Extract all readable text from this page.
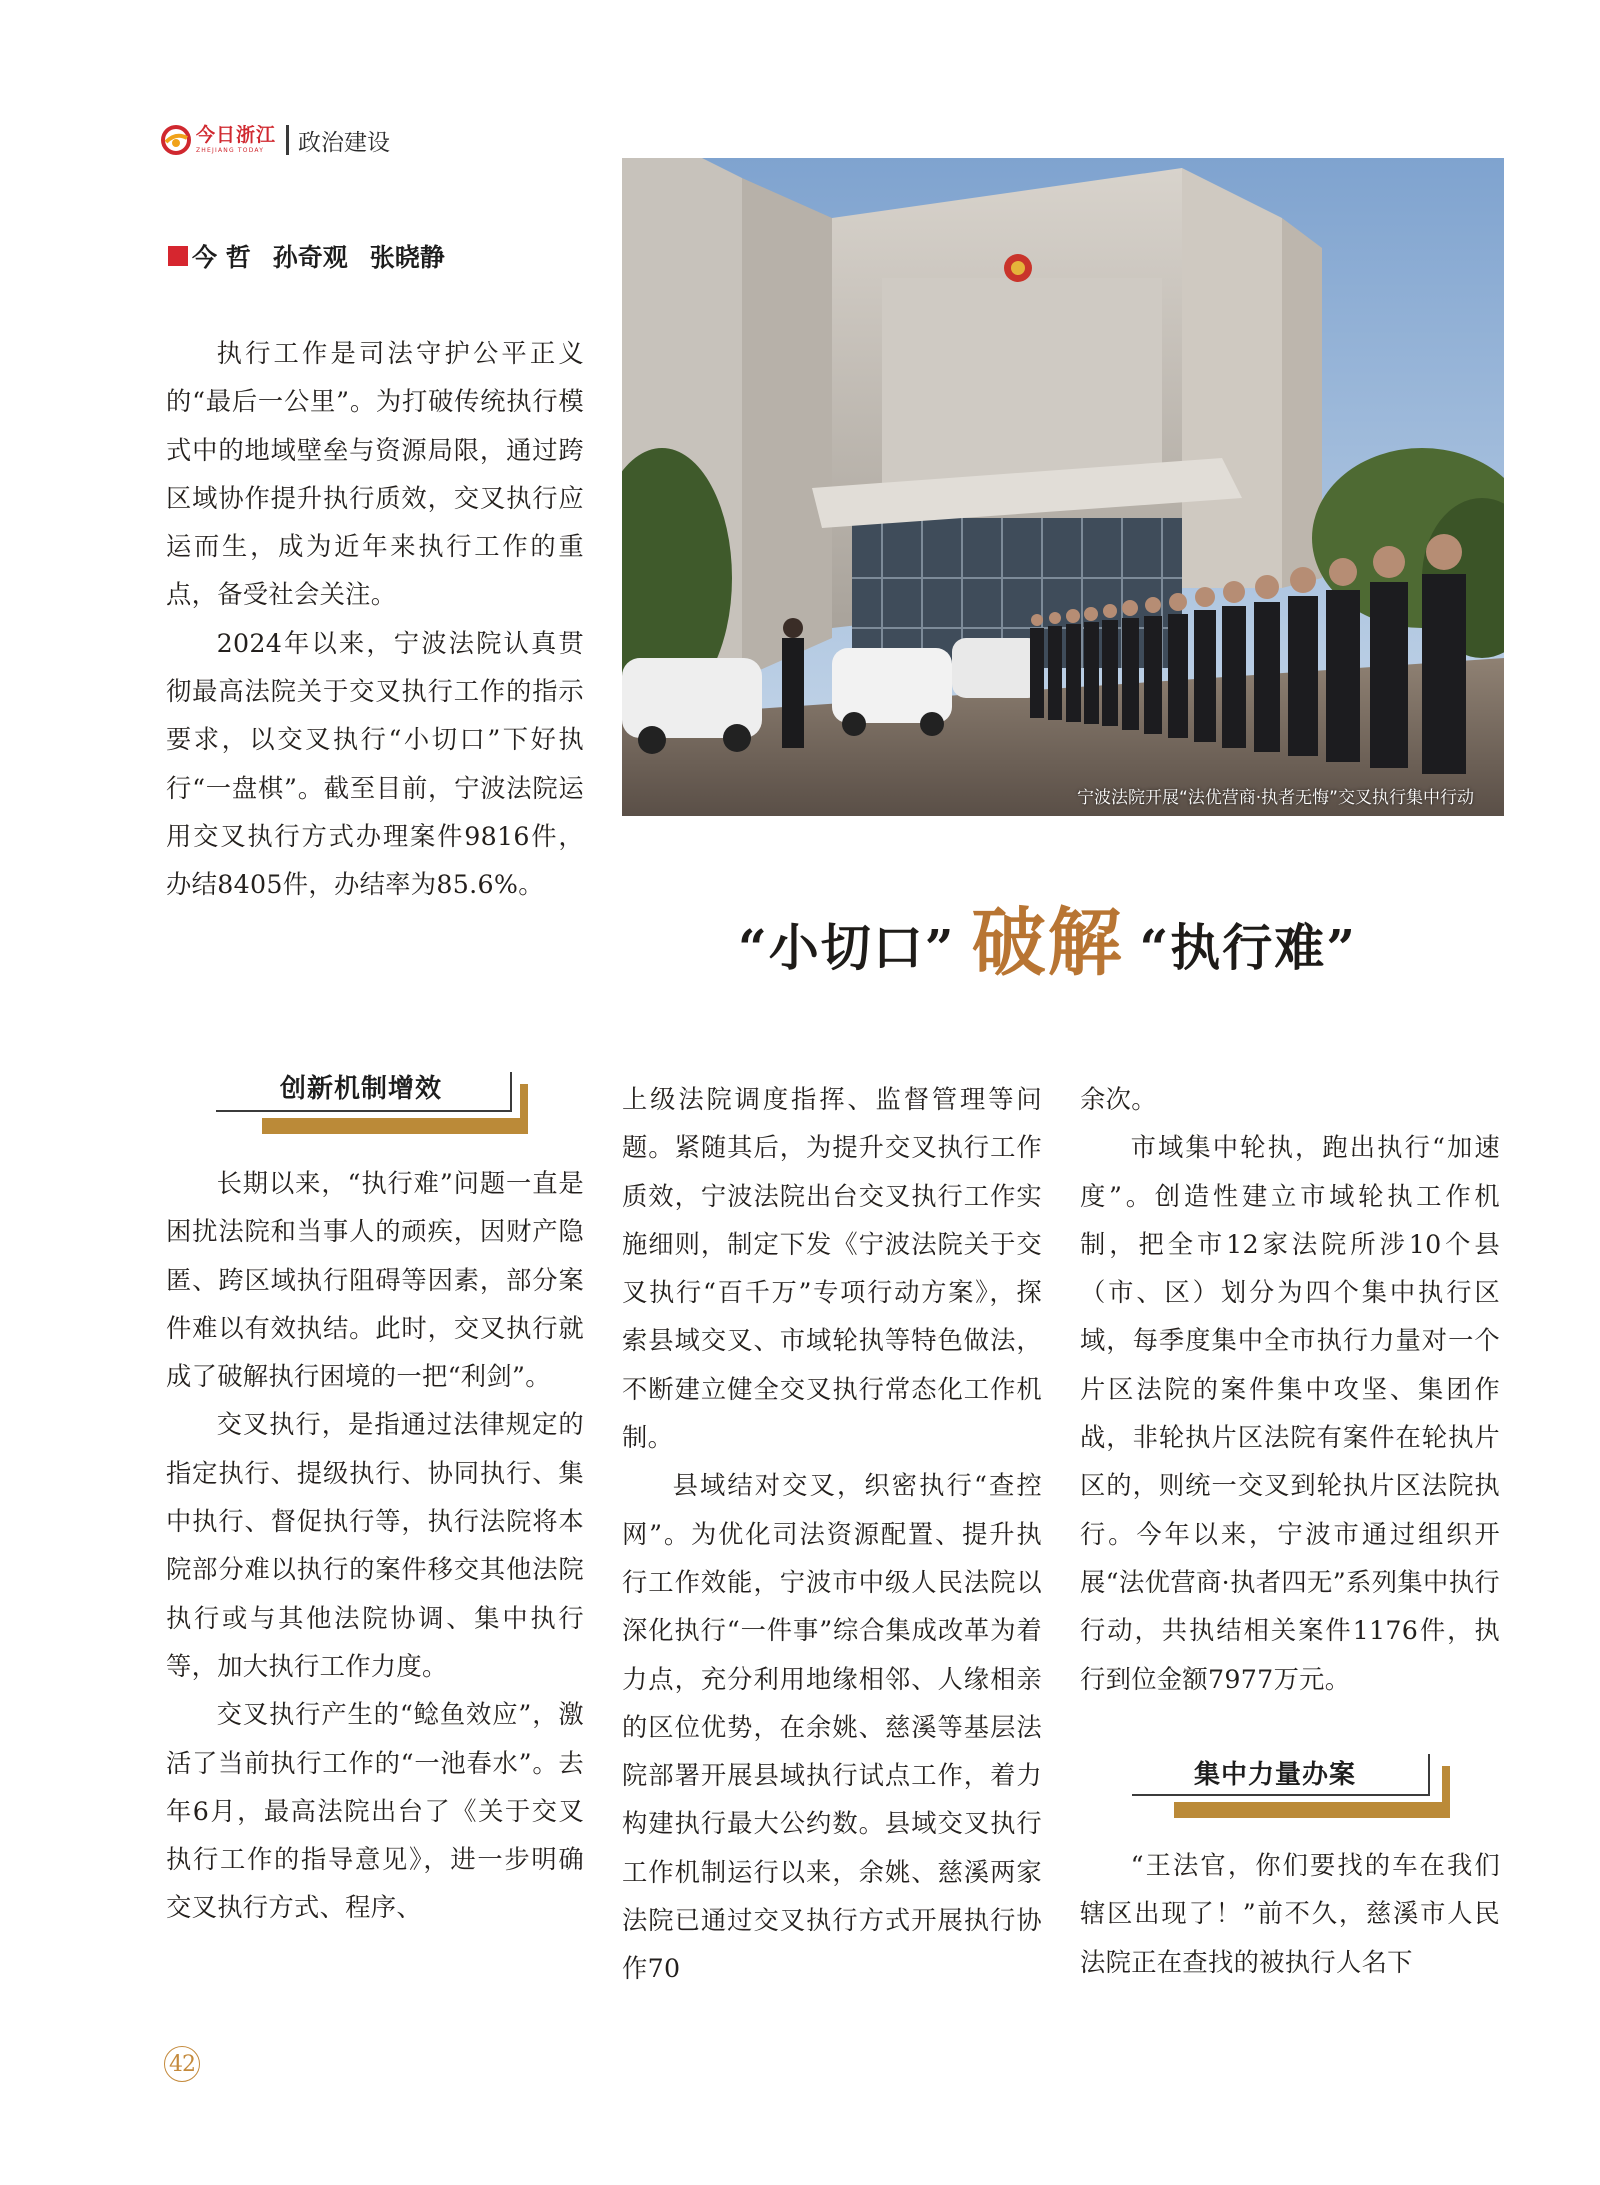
今日浙江
ZHEJIANG TODAY	政治建设
今 哲 孙奇观 张晓静

执行工作是司法守护公平正义的“最后一公里”。为打破传统执行模式中的地域壁垒与资源局限，通过跨区域协作提升执行质效，交叉执行应运而生，成为近年来执行工作的重点，备受社会关注。

2024年以来，宁波法院认真贯彻最高法院关于交叉执行工作的指示要求，以交叉执行“小切口”下好执行“一盘棋”。截至目前，宁波法院运用交叉执行方式办理案件9816件，办结8405件，办结率为85.6%。

宁波法院开展“法优营商·执者无悔”交叉执行集中行动
“小切口” 破解 “执行难”
创新机制增效

长期以来，“执行难”问题一直是困扰法院和当事人的顽疾，因财产隐匿、跨区域执行阻碍等因素，部分案件难以有效执结。此时，交叉执行就成了破解执行困境的一把“利剑”。

交叉执行，是指通过法律规定的指定执行、提级执行、协同执行、集中执行、督促执行等，执行法院将本院部分难以执行的案件移交其他法院执行或与其他法院协调、集中执行等，加大执行工作力度。

交叉执行产生的“鲶鱼效应”，激活了当前执行工作的“一池春水”。去年6月，最高法院出台了《关于交叉执行工作的指导意见》，进一步明确交叉执行方式、程序、

上级法院调度指挥、监督管理等问题。紧随其后，为提升交叉执行工作质效，宁波法院出台交叉执行工作实施细则，制定下发《宁波法院关于交叉执行“百千万”专项行动方案》，探索县域交叉、市域轮执等特色做法，不断建立健全交叉执行常态化工作机制。

县域结对交叉，织密执行“查控网”。为优化司法资源配置、提升执行工作效能，宁波市中级人民法院以深化执行“一件事”综合集成改革为着力点，充分利用地缘相邻、人缘相亲的区位优势，在余姚、慈溪等基层法院部署开展县域执行试点工作，着力构建执行最大公约数。县域交叉执行工作机制运行以来，余姚、慈溪两家法院已通过交叉执行方式开展执行协作70

余次。

市域集中轮执，跑出执行“加速度”。创造性建立市域轮执工作机制，把全市12家法院所涉10个县（市、区）划分为四个集中执行区域，每季度集中全市执行力量对一个片区法院的案件集中攻坚、集团作战，非轮执片区法院有案件在轮执片区的，则统一交叉到轮执片区法院执行。今年以来，宁波市通过组织开展“法优营商·执者四无”系列集中执行行动，共执结相关案件1176件，执行到位金额7977万元。

集中力量办案

“王法官，你们要找的车在我们辖区出现了！”前不久，慈溪市人民法院正在查找的被执行人名下

42
